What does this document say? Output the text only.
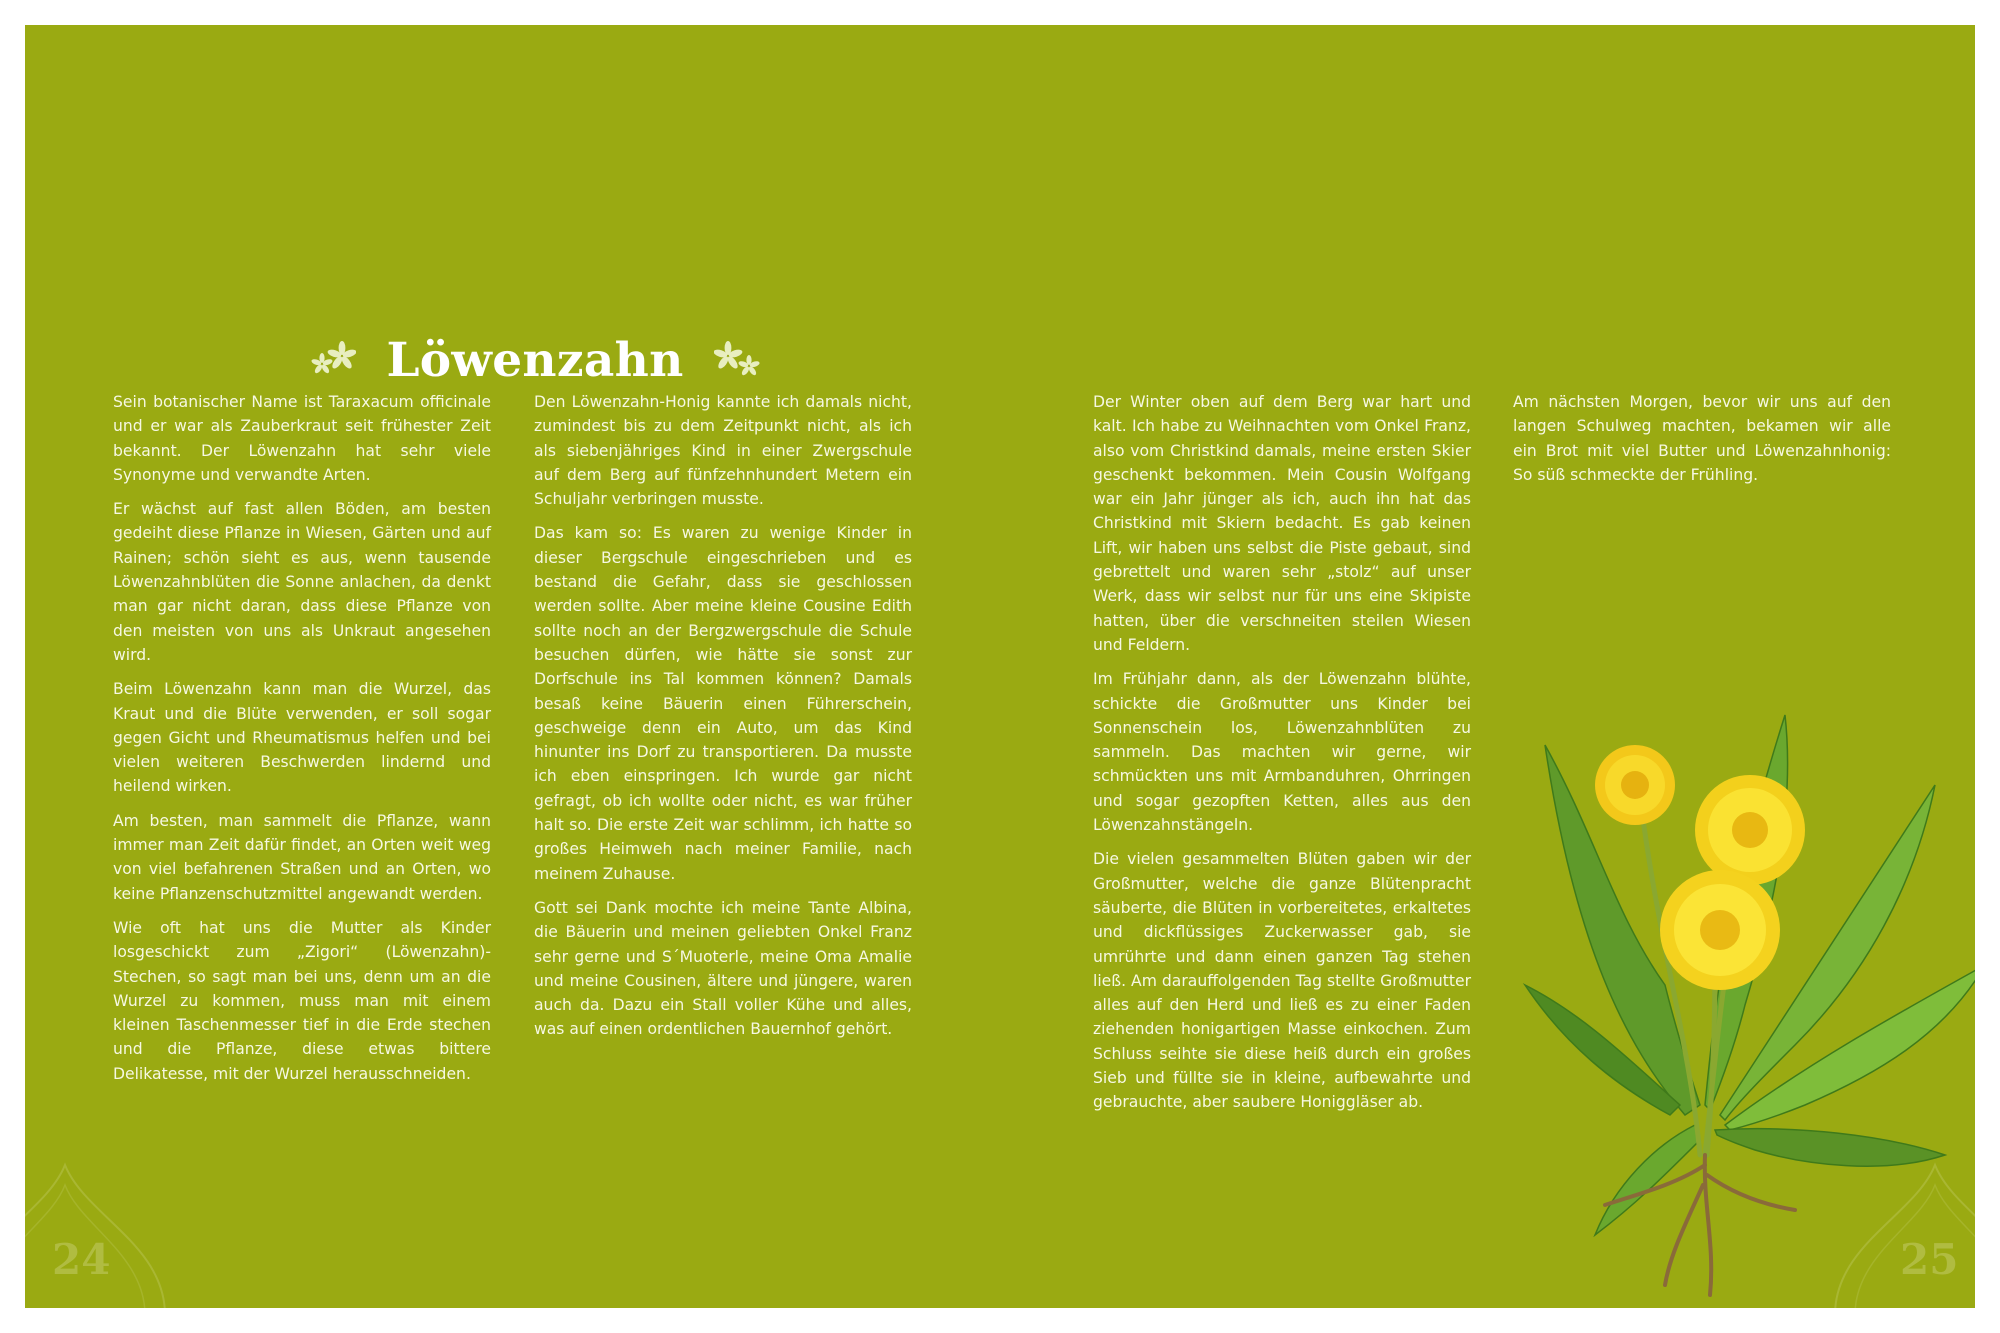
Löwenzahn

Sein botanischer Name ist Taraxacum officinale und er war als Zauberkraut seit frühester Zeit bekannt. Der Löwenzahn hat sehr viele Synonyme und verwandte Arten.

Er wächst auf fast allen Böden, am besten gedeiht diese Pflanze in Wiesen, Gärten und auf Rainen; schön sieht es aus, wenn tausende Löwenzahnblüten die Sonne anlachen, da denkt man gar nicht daran, dass diese Pflanze von den meisten von uns als Unkraut angesehen wird.

Beim Löwenzahn kann man die Wurzel, das Kraut und die Blüte verwenden, er soll sogar gegen Gicht und Rheumatismus helfen und bei vielen weiteren Beschwerden lindernd und heilend wirken.

Am besten, man sammelt die Pflanze, wann immer man Zeit dafür findet, an Orten weit weg von viel befahrenen Straßen und an Orten, wo keine Pflanzenschutzmittel angewandt werden.

Wie oft hat uns die Mutter als Kinder losgeschickt zum „Zigori“ (Löwenzahn)-Stechen, so sagt man bei uns, denn um an die Wurzel zu kommen, muss man mit einem kleinen Taschenmesser tief in die Erde stechen und die Pflanze, diese etwas bittere Delikatesse, mit der Wurzel herausschneiden.

Den Löwenzahn-Honig kannte ich damals nicht, zumindest bis zu dem Zeitpunkt nicht, als ich als siebenjähriges Kind in einer Zwergschule auf dem Berg auf fünfzehnhundert Metern ein Schuljahr verbringen musste.

Das kam so: Es waren zu wenige Kinder in dieser Bergschule eingeschrieben und es bestand die Gefahr, dass sie geschlossen werden sollte. Aber meine kleine Cousine Edith sollte noch an der Bergzwergschule die Schule besuchen dürfen, wie hätte sie sonst zur Dorfschule ins Tal kommen können? Damals besaß keine Bäuerin einen Führerschein, geschweige denn ein Auto, um das Kind hinunter ins Dorf zu transportieren. Da musste ich eben einspringen. Ich wurde gar nicht gefragt, ob ich wollte oder nicht, es war früher halt so. Die erste Zeit war schlimm, ich hatte so großes Heimweh nach meiner Familie, nach meinem Zuhause.

Gott sei Dank mochte ich meine Tante Albina, die Bäuerin und meinen geliebten Onkel Franz sehr gerne und S´Muoterle, meine Oma Amalie und meine Cousinen, ältere und jüngere, waren auch da. Dazu ein Stall voller Kühe und alles, was auf einen ordentlichen Bauernhof gehört.

Der Winter oben auf dem Berg war hart und kalt. Ich habe zu Weihnachten vom Onkel Franz, also vom Christkind damals, meine ersten Skier geschenkt bekommen. Mein Cousin Wolfgang war ein Jahr jünger als ich, auch ihn hat das Christkind mit Skiern bedacht. Es gab keinen Lift, wir haben uns selbst die Piste gebaut, sind gebrettelt und waren sehr „stolz“ auf unser Werk, dass wir selbst nur für uns eine Skipiste hatten, über die verschneiten steilen Wiesen und Feldern.

Im Frühjahr dann, als der Löwenzahn blühte, schickte die Großmutter uns Kinder bei Sonnenschein los, Löwenzahnblüten zu sammeln. Das machten wir gerne, wir schmückten uns mit Armbanduhren, Ohrringen und sogar gezopften Ketten, alles aus den Löwenzahnstängeln.

Die vielen gesammelten Blüten gaben wir der Großmutter, welche die ganze Blütenpracht säuberte, die Blüten in vorbereitetes, erkaltetes und dickflüssiges Zuckerwasser gab, sie umrührte und dann einen ganzen Tag stehen ließ. Am darauffolgenden Tag stellte Großmutter alles auf den Herd und ließ es zu einer Faden ziehenden honigartigen Masse einkochen. Zum Schluss seihte sie diese heiß durch ein großes Sieb und füllte sie in kleine, aufbewahrte und gebrauchte, aber saubere Honiggläser ab.

Am nächsten Morgen, bevor wir uns auf den langen Schulweg machten, bekamen wir alle ein Brot mit viel Butter und Löwenzahnhonig: So süß schmeckte der Frühling.

24	25
